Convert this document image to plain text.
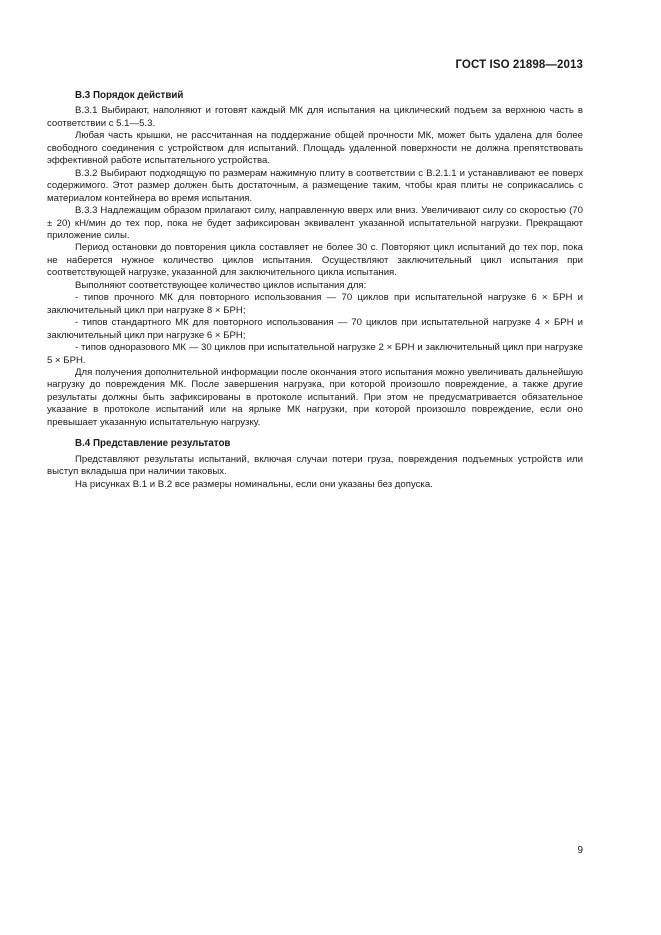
ГОСТ ISO 21898—2013
В.3 Порядок действий

В.3.1 Выбирают, наполняют и готовят каждый МК для испытания на циклический подъем за верхнюю часть в соответствии с 5.1—5.3.

Любая часть крышки, не рассчитанная на поддержание общей прочности МК, может быть удалена для более свободного соединения с устройством для испытаний. Площадь удаленной поверхности не должна препятствовать эффективной работе испытательного устройства.

В.3.2 Выбирают подходящую по размерам нажимную плиту в соответствии с В.2.1.1 и устанавливают ее поверх содержимого. Этот размер должен быть достаточным, а размещение таким, чтобы края плиты не соприкасались с материалом контейнера во время испытания.

В.3.3 Надлежащим образом прилагают силу, направленную вверх или вниз. Увеличивают силу со скоростью (70 ± 20) кН/мин до тех пор, пока не будет зафиксирован эквивалент указанной испытательной нагрузки. Прекращают приложение силы.

Период остановки до повторения цикла составляет не более 30 с. Повторяют цикл испытаний до тех пор, пока не наберется нужное количество циклов испытания. Осуществляют заключительный цикл испытания при соответствующей нагрузке, указанной для заключительного цикла испытания.

Выполняют соответствующее количество циклов испытания для:

- типов прочного МК для повторного использования — 70 циклов при испытательной нагрузке 6 × БРН и заключительный цикл при нагрузке 8 × БРН;

- типов стандартного МК для повторного использования — 70 циклов при испытательной нагрузке 4 × БРН и заключительный цикл при нагрузке 6 × БРН;

- типов одноразового МК — 30 циклов при испытательной нагрузке 2 × БРН и заключительный цикл при нагрузке 5 × БРН.

Для получения дополнительной информации после окончания этого испытания можно увеличивать дальнейшую нагрузку до повреждения МК. После завершения нагрузка, при которой произошло повреждение, а также другие результаты должны быть зафиксированы в протоколе испытаний. При этом не предусматривается обязательное указание в протоколе испытаний или на ярлыке МК нагрузки, при которой произошло повреждение, если оно превышает указанную испытательную нагрузку.

В.4 Представление результатов

Представляют результаты испытаний, включая случаи потери груза, повреждения подъемных устройств или выступ вкладыша при наличии таковых.

На рисунках В.1 и В.2 все размеры номинальны, если они указаны без допуска.

9
